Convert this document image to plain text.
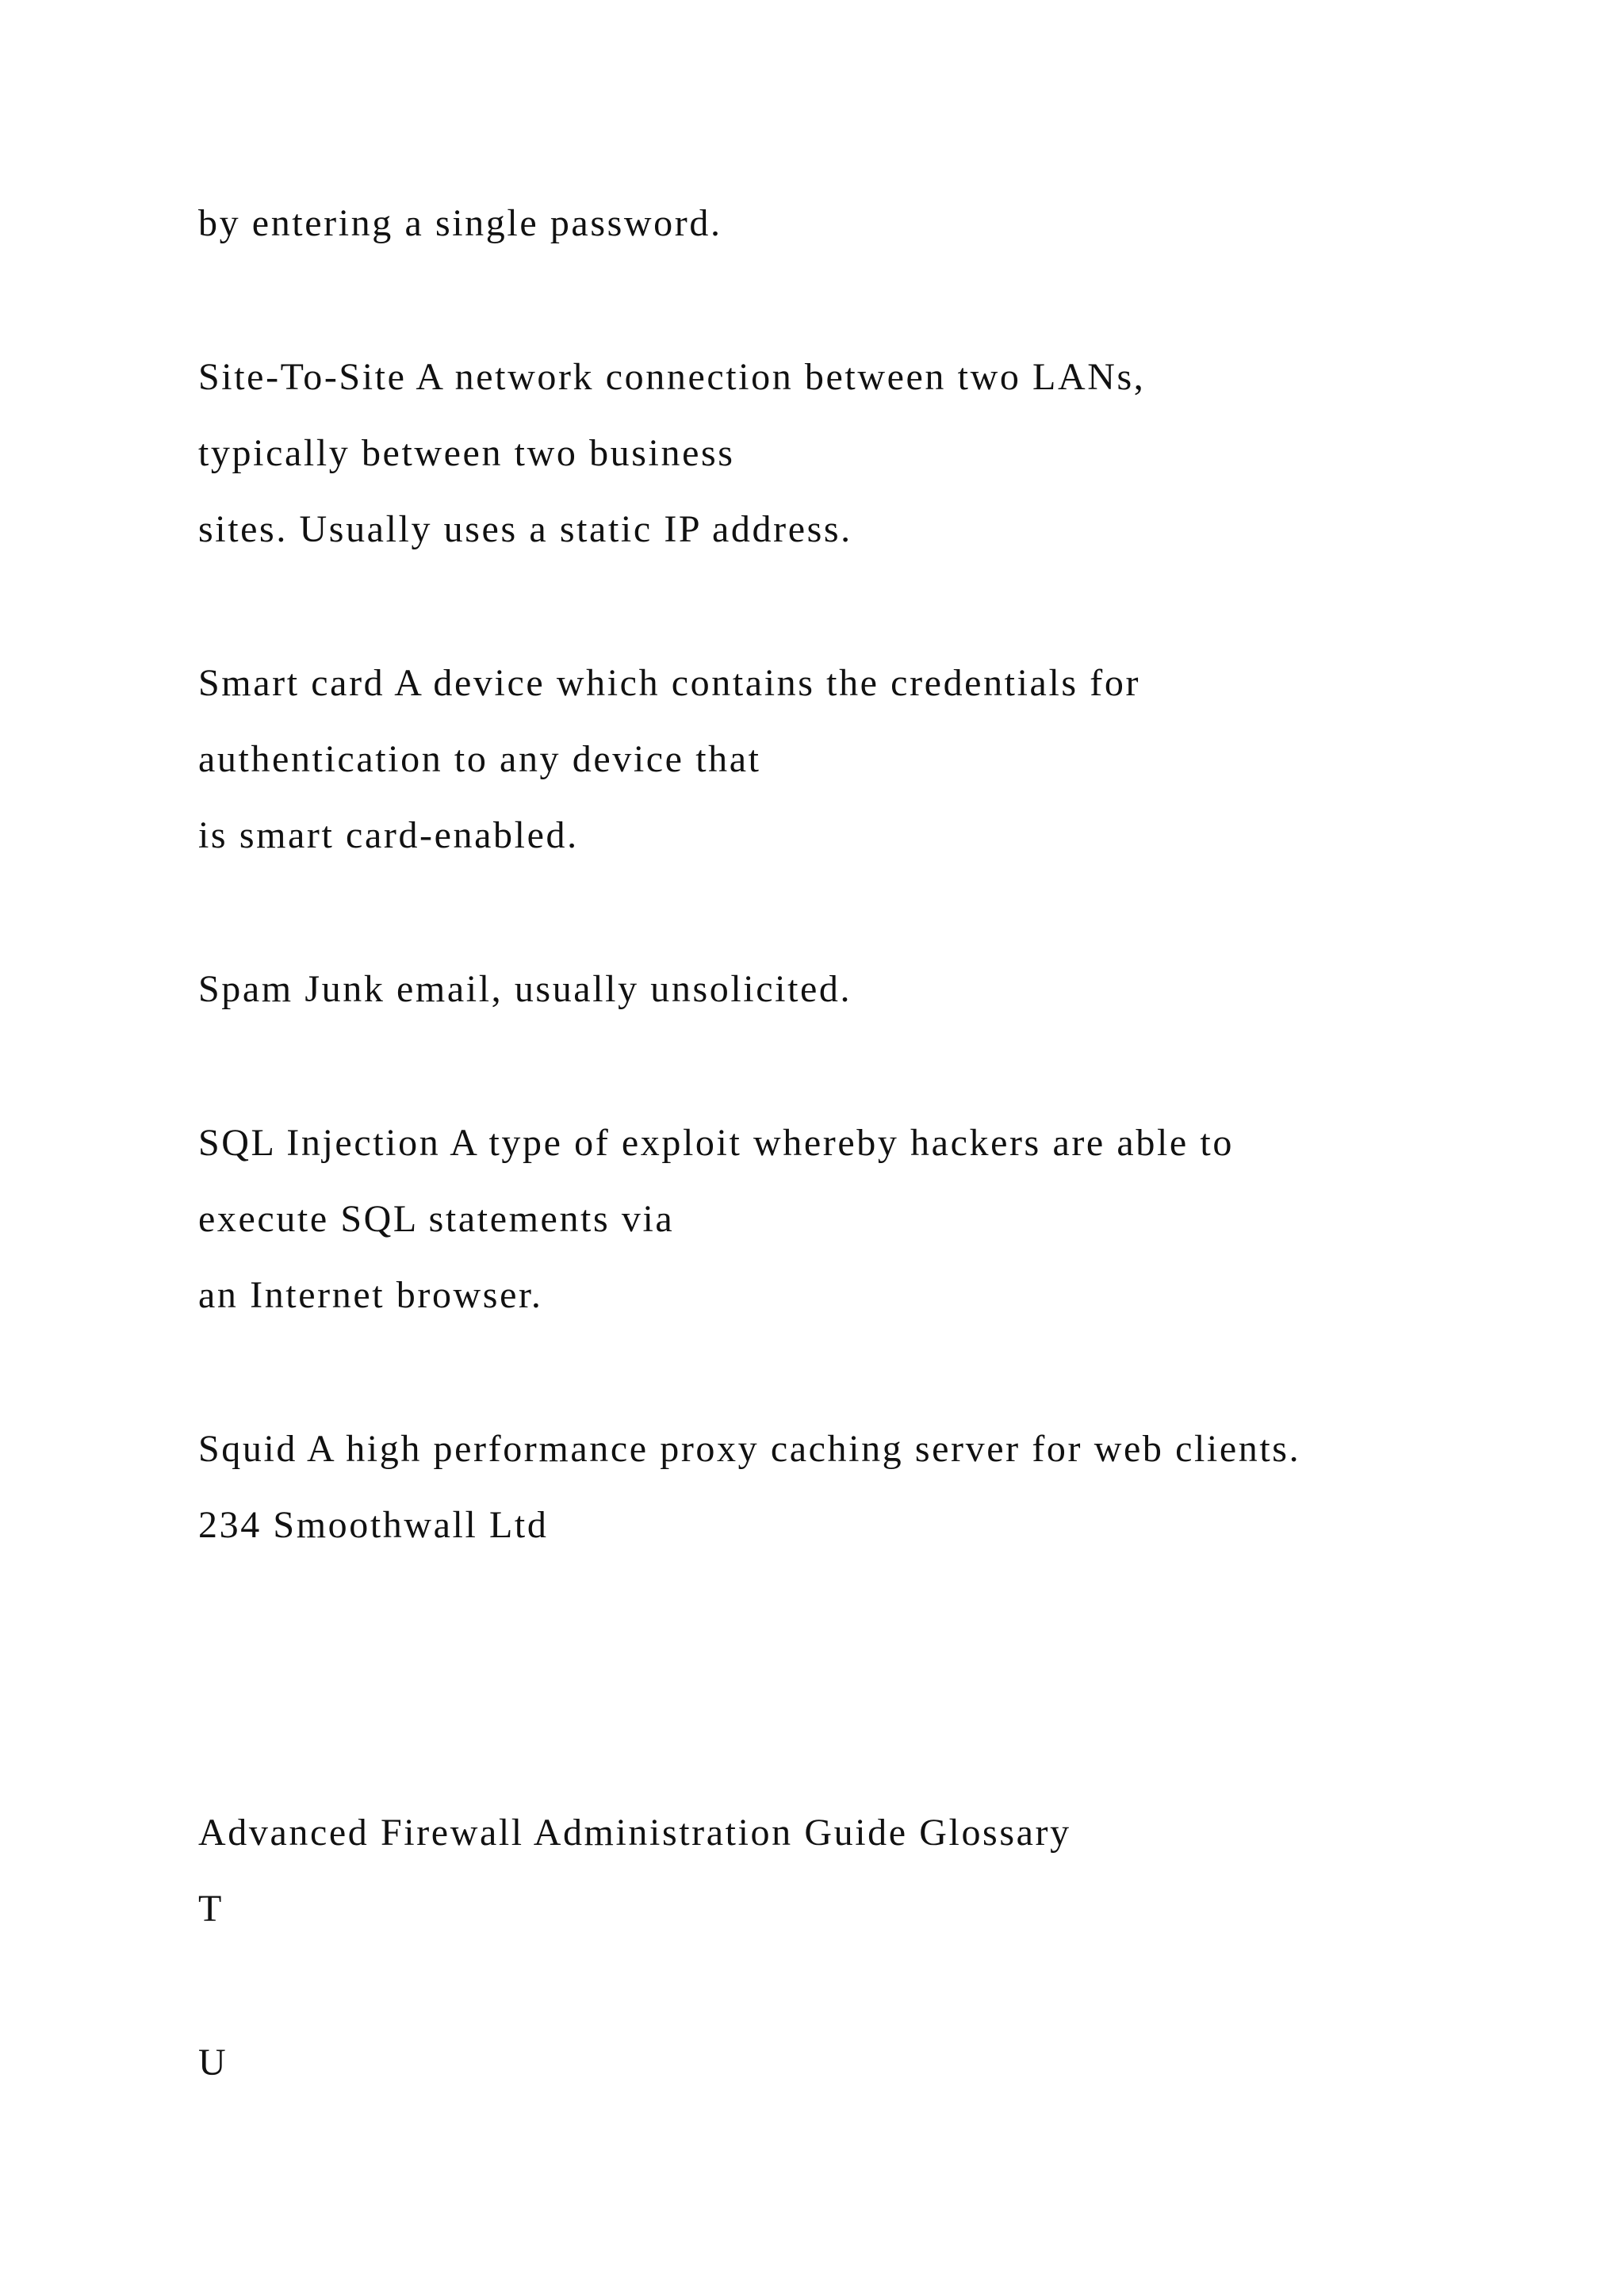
by entering a single password.

Site-To-Site A network connection between two LANs,

typically between two business

sites. Usually uses a static IP address.

Smart card A device which contains the credentials for

authentication to any device that

is smart card-enabled.

Spam Junk email, usually unsolicited.

SQL Injection A type of exploit whereby hackers are able to

execute SQL statements via

an Internet browser.

Squid A high performance proxy caching server for web clients.

234 Smoothwall Ltd

Advanced Firewall Administration Guide Glossary

T

U
